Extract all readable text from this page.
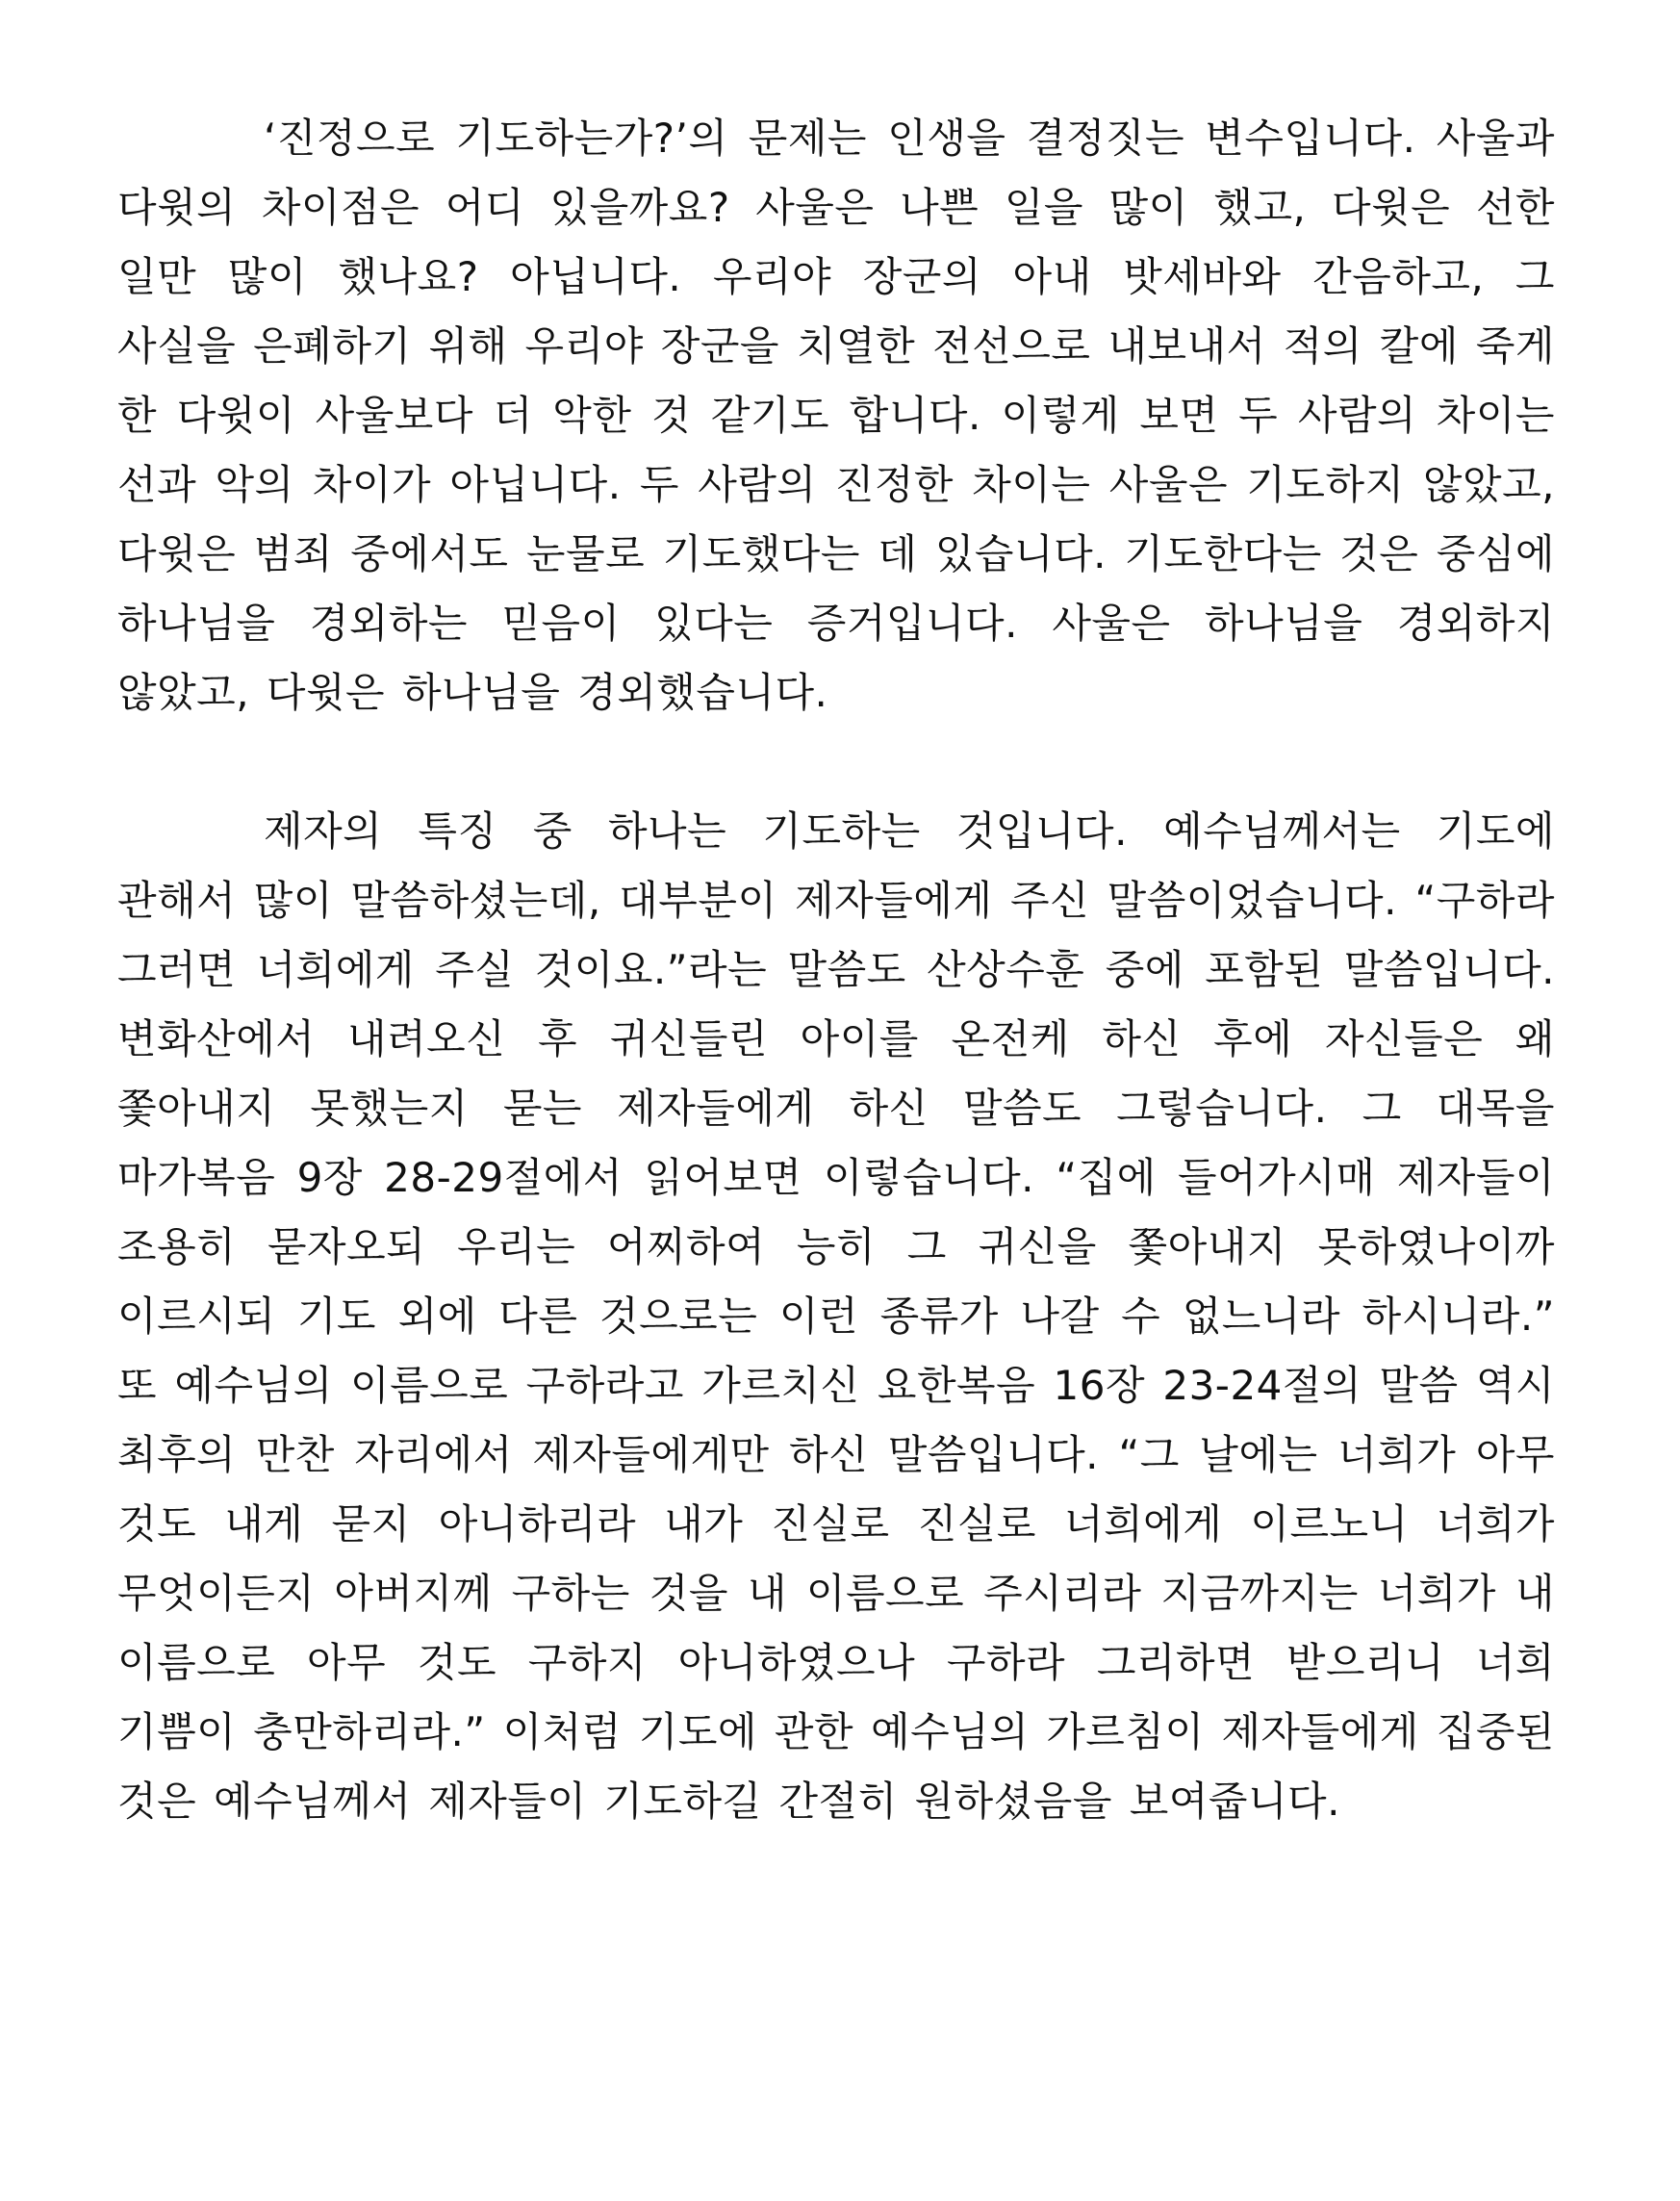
‘진정으로 기도하는가?’의 문제는 인생을 결정짓는 변수입니다. 사울과 다윗의 차이점은 어디 있을까요? 사울은 나쁜 일을 많이 했고, 다윗은 선한 일만 많이 했나요? 아닙니다. 우리야 장군의 아내 밧세바와 간음하고, 그 사실을 은폐하기 위해 우리야 장군을 치열한 전선으로 내보내서 적의 칼에 죽게 한 다윗이 사울보다 더 악한 것 같기도 합니다. 이렇게 보면 두 사람의 차이는 선과 악의 차이가 아닙니다. 두 사람의 진정한 차이는 사울은 기도하지 않았고, 다윗은 범죄 중에서도 눈물로 기도했다는 데 있습니다. 기도한다는 것은 중심에 하나님을 경외하는 믿음이 있다는 증거입니다. 사울은 하나님을 경외하지 않았고, 다윗은 하나님을 경외했습니다.

제자의 특징 중 하나는 기도하는 것입니다. 예수님께서는 기도에 관해서 많이 말씀하셨는데, 대부분이 제자들에게 주신 말씀이었습니다. “구하라 그러면 너희에게 주실 것이요.”라는 말씀도 산상수훈 중에 포함된 말씀입니다. 변화산에서 내려오신 후 귀신들린 아이를 온전케 하신 후에 자신들은 왜 쫓아내지 못했는지 묻는 제자들에게 하신 말씀도 그렇습니다. 그 대목을 마가복음 9장 28-29절에서 읽어보면 이렇습니다. “집에 들어가시매 제자들이 조용히 묻자오되 우리는 어찌하여 능히 그 귀신을 쫓아내지 못하였나이까 이르시되 기도 외에 다른 것으로는 이런 종류가 나갈 수 없느니라 하시니라.” 또 예수님의 이름으로 구하라고 가르치신 요한복음 16장 23-24절의 말씀 역시 최후의 만찬 자리에서 제자들에게만 하신 말씀입니다. “그 날에는 너희가 아무 것도 내게 묻지 아니하리라 내가 진실로 진실로 너희에게 이르노니 너희가 무엇이든지 아버지께 구하는 것을 내 이름으로 주시리라 지금까지는 너희가 내 이름으로 아무 것도 구하지 아니하였으나 구하라 그리하면 받으리니 너희 기쁨이 충만하리라.” 이처럼 기도에 관한 예수님의 가르침이 제자들에게 집중된 것은 예수님께서 제자들이 기도하길 간절히 원하셨음을 보여줍니다.
